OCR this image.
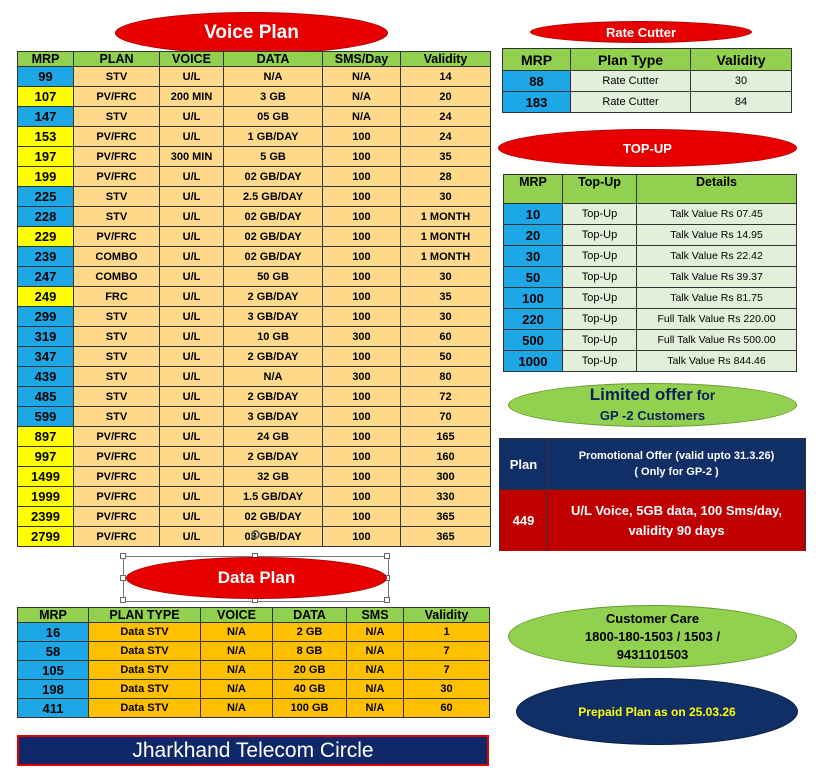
Voice Plan
MRP	PLAN	VOICE	DATA	SMS/Day	Validity
99	STV	U/L	N/A	N/A	14
107	PV/FRC	200 MIN	3 GB	N/A	20
147	STV	U/L	05 GB	N/A	24
153	PV/FRC	U/L	1 GB/DAY	100	24
197	PV/FRC	300 MIN	5 GB	100	35
199	PV/FRC	U/L	02 GB/DAY	100	28
225	STV	U/L	2.5 GB/DAY	100	30
228	STV	U/L	02 GB/DAY	100	1 MONTH
229	PV/FRC	U/L	02 GB/DAY	100	1 MONTH
239	COMBO	U/L	02 GB/DAY	100	1 MONTH
247	COMBO	U/L	50 GB	100	30
249	FRC	U/L	2 GB/DAY	100	35
299	STV	U/L	3 GB/DAY	100	30
319	STV	U/L	10 GB	300	60
347	STV	U/L	2 GB/DAY	100	50
439	STV	U/L	N/A	300	80
485	STV	U/L	2 GB/DAY	100	72
599	STV	U/L	3 GB/DAY	100	70
897	PV/FRC	U/L	24 GB	100	165
997	PV/FRC	U/L	2 GB/DAY	100	160
1499	PV/FRC	U/L	32 GB	100	300
1999	PV/FRC	U/L	1.5 GB/DAY	100	330
2399	PV/FRC	U/L	02 GB/DAY	100	365
2799	PV/FRC	U/L	03 GB/DAY	100	365
Data Plan
MRP	PLAN TYPE	VOICE	DATA	SMS	Validity
16	Data STV	N/A	2 GB	N/A	1
58	Data STV	N/A	8 GB	N/A	7
105	Data STV	N/A	20 GB	N/A	7
198	Data STV	N/A	40 GB	N/A	30
411	Data STV	N/A	100 GB	N/A	60
Jharkhand Telecom Circle
Rate Cutter
MRP	Plan Type	Validity
88	Rate Cutter	30
183	Rate Cutter	84
TOP-UP
MRP	Top-Up	Details
10	Top-Up	Talk Value Rs 07.45
20	Top-Up	Talk Value Rs 14.95
30	Top-Up	Talk Value Rs 22.42
50	Top-Up	Talk Value Rs 39.37
100	Top-Up	Talk Value Rs 81.75
220	Top-Up	Full Talk Value Rs 220.00
500	Top-Up	Full Talk Value Rs 500.00
1000	Top-Up	Talk Value Rs 844.46
Limited offer for
GP -2 Customers
Plan
Promotional Offer (valid upto 31.3.26)
( Only for GP-2 )
449
U/L Voice, 5GB data, 100 Sms/day, validity 90 days
Customer Care
1800-180-1503 / 1503 /
9431101503
Prepaid Plan as on 25.03.26
